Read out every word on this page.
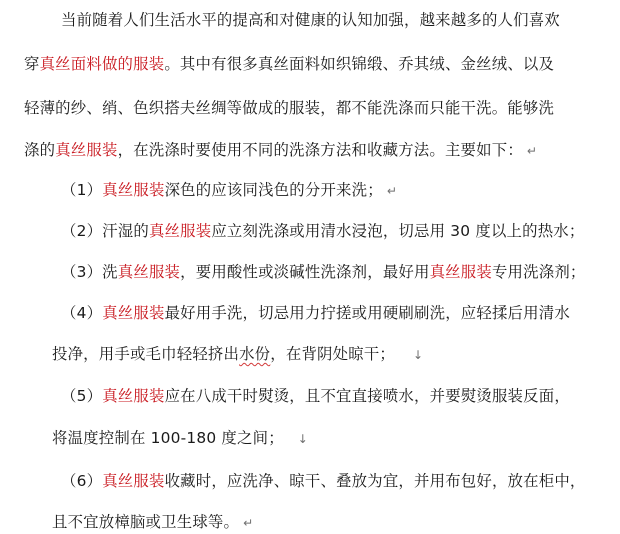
当前随着人们生活水平的提高和对健康的认知加强，越来越多的人们喜欢
穿真丝面料做的服装。其中有很多真丝面料如织锦缎、乔其绒、金丝绒、以及
轻薄的纱、绡、色织搭夫丝绸等做成的服装，都不能洗涤而只能干洗。能够洗
涤的真丝服装，在洗涤时要使用不同的洗涤方法和收藏方法。主要如下： ↵
（1）真丝服装深色的应该同浅色的分开来洗； ↵
（2）汗湿的真丝服装应立刻洗涤或用清水浸泡，切忌用 30 度以上的热水；
（3）洗真丝服装，要用酸性或淡碱性洗涤剂，最好用真丝服装专用洗涤剂；
（4）真丝服装最好用手洗，切忌用力拧搓或用硬刷刷洗，应轻揉后用清水
投净，用手或毛巾轻轻挤出水份，在背阴处晾干； ↓
（5）真丝服装应在八成干时熨烫，且不宜直接喷水，并要熨烫服装反面，
将温度控制在 100-180 度之间； ↓
（6）真丝服装收藏时，应洗净、晾干、叠放为宜，并用布包好，放在柜中，
且不宜放樟脑或卫生球等。 ↵
